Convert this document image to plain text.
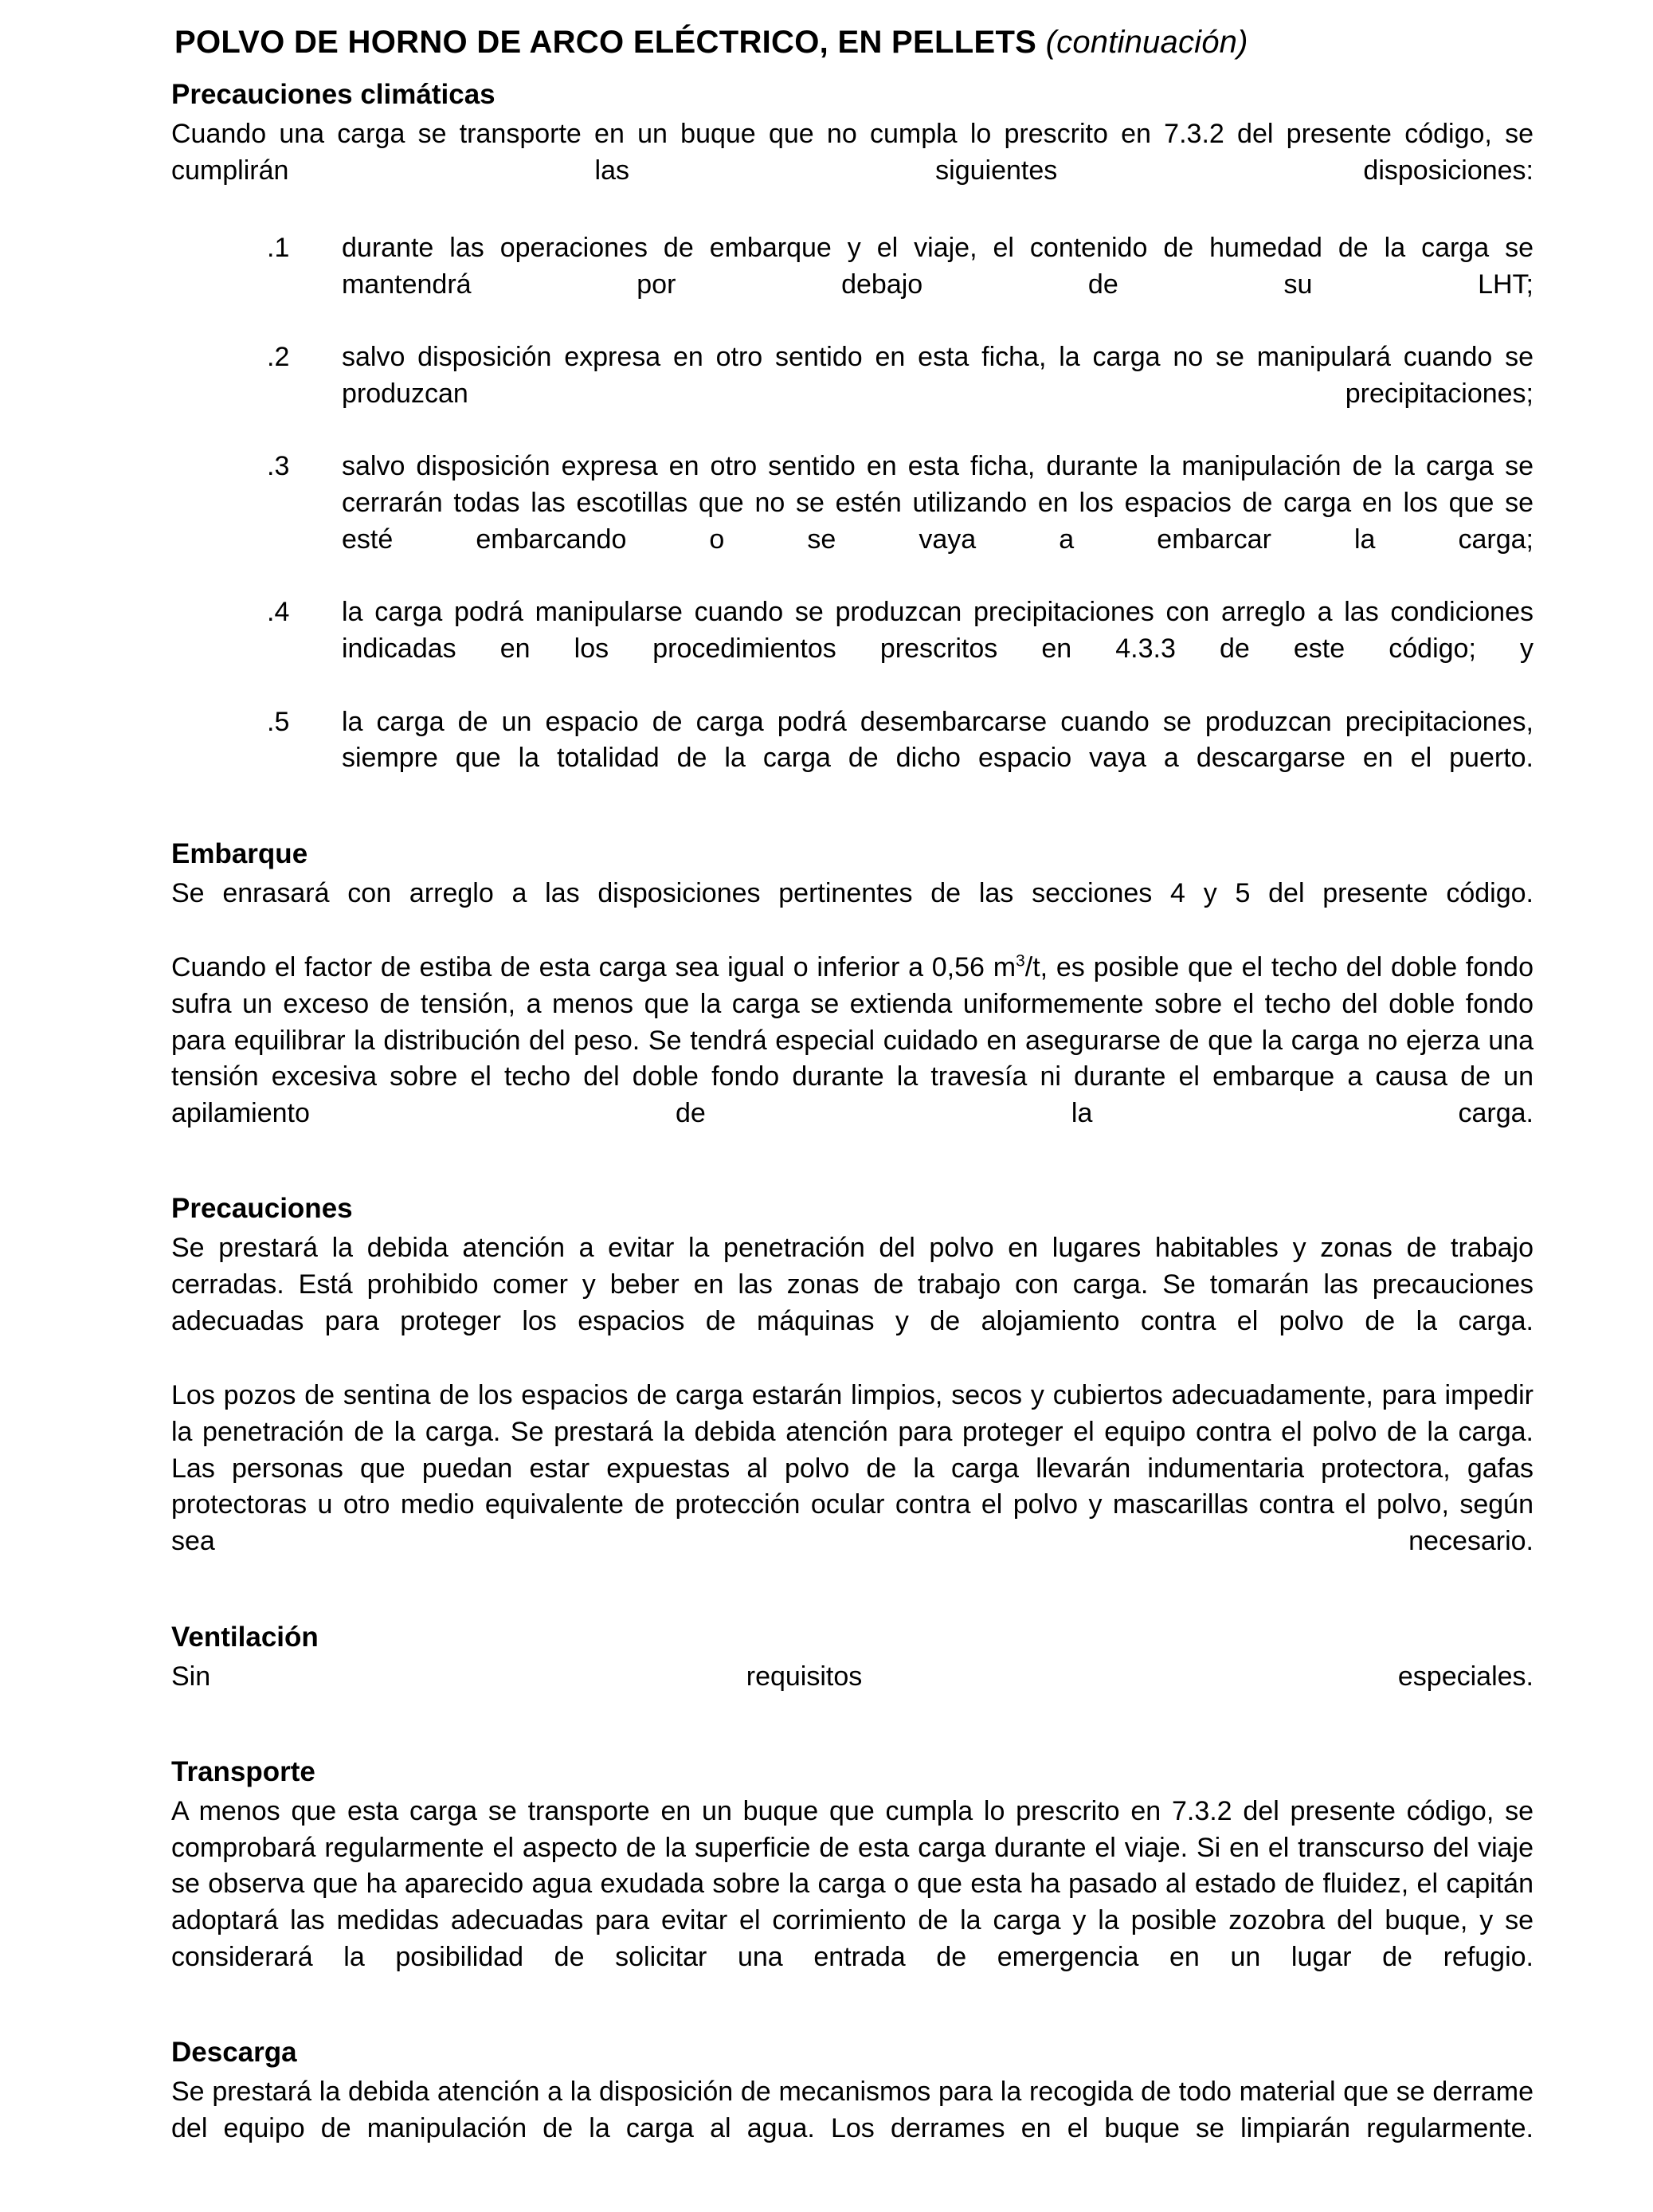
POLVO DE HORNO DE ARCO ELÉCTRICO, EN PELLETS (continuación)
Precauciones climáticas

Cuando una carga se transporte en un buque que no cumpla lo prescrito en 7.3.2 del presente código, se cumplirán las siguientes disposiciones:

.1	durante las operaciones de embarque y el viaje, el contenido de humedad de la carga se mantendrá por debajo de su LHT;
.2	salvo disposición expresa en otro sentido en esta ficha, la carga no se manipulará cuando se produzcan precipitaciones;
.3	salvo disposición expresa en otro sentido en esta ficha, durante la manipulación de la carga se cerrarán todas las escotillas que no se estén utilizando en los espacios de carga en los que se esté embarcando o se vaya a embarcar la carga;
.4	la carga podrá manipularse cuando se produzcan precipitaciones con arreglo a las condiciones indicadas en los procedimientos prescritos en 4.3.3 de este código; y
.5	la carga de un espacio de carga podrá desembarcarse cuando se produzcan precipitaciones, siempre que la totalidad de la carga de dicho espacio vaya a descargarse en el puerto.
Embarque

Se enrasará con arreglo a las disposiciones pertinentes de las secciones 4 y 5 del presente código.

Cuando el factor de estiba de esta carga sea igual o inferior a 0,56 $m^3/t$, es posible que el techo del doble fondo sufra un exceso de tensión, a menos que la carga se extienda uniformemente sobre el techo del doble fondo para equilibrar la distribución del peso. Se tendrá especial cuidado en asegurarse de que la carga no ejerza una tensión excesiva sobre el techo del doble fondo durante la travesía ni durante el embarque a causa de un apilamiento de la carga.

Precauciones

Se prestará la debida atención a evitar la penetración del polvo en lugares habitables y zonas de trabajo cerradas. Está prohibido comer y beber en las zonas de trabajo con carga. Se tomarán las precauciones adecuadas para proteger los espacios de máquinas y de alojamiento contra el polvo de la carga.

Los pozos de sentina de los espacios de carga estarán limpios, secos y cubiertos adecuadamente, para impedir la penetración de la carga. Se prestará la debida atención para proteger el equipo contra el polvo de la carga. Las personas que puedan estar expuestas al polvo de la carga llevarán indumentaria protectora, gafas protectoras u otro medio equivalente de protección ocular contra el polvo y mascarillas contra el polvo, según sea necesario.

Ventilación

Sin requisitos especiales.

Transporte

A menos que esta carga se transporte en un buque que cumpla lo prescrito en 7.3.2 del presente código, se comprobará regularmente el aspecto de la superficie de esta carga durante el viaje. Si en el transcurso del viaje se observa que ha aparecido agua exudada sobre la carga o que esta ha pasado al estado de fluidez, el capitán adoptará las medidas adecuadas para evitar el corrimiento de la carga y la posible zozobra del buque, y se considerará la posibilidad de solicitar una entrada de emergencia en un lugar de refugio.

Descarga

Se prestará la debida atención a la disposición de mecanismos para la recogida de todo material que se derrame del equipo de manipulación de la carga al agua. Los derrames en el buque se limpiarán regularmente.
